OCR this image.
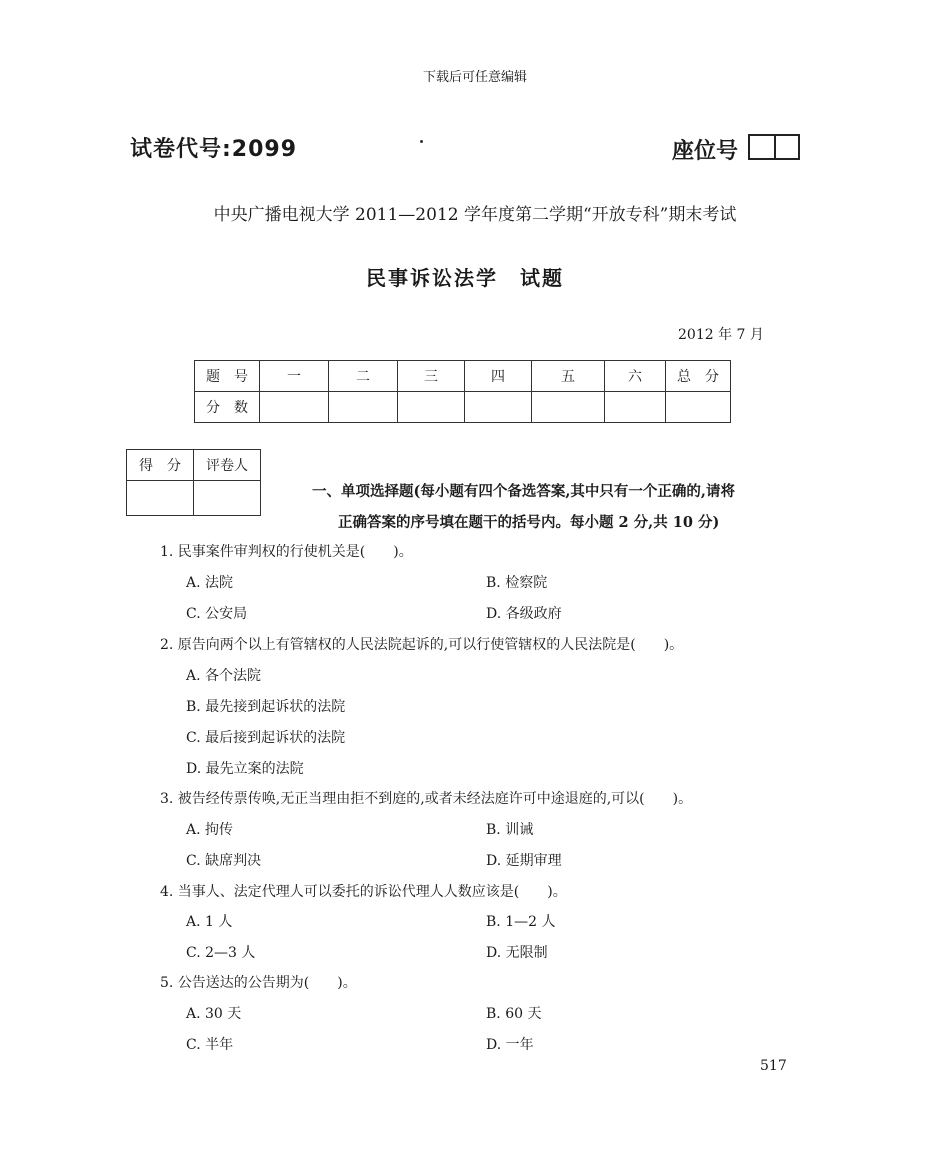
下载后可任意编辑
试卷代号:2099	座位号
中央广播电视大学 2011—2012 学年度第二学期“开放专科”期末考试
民事诉讼法学　试题
2012 年 7 月
题　号	一	二	三	四	五	六	总　分
分　数							
得　分	评卷人

一、单项选择题(每小题有四个备选答案,其中只有一个正确的,请将
正确答案的序号填在题干的括号内。每小题 2 分,共 10 分)
1. 民事案件审判权的行使机关是(　　)。
A. 法院	B. 检察院
C. 公安局	D. 各级政府
2. 原告向两个以上有管辖权的人民法院起诉的,可以行使管辖权的人民法院是(　　)。
A. 各个法院
B. 最先接到起诉状的法院
C. 最后接到起诉状的法院
D. 最先立案的法院
3. 被告经传票传唤,无正当理由拒不到庭的,或者未经法庭许可中途退庭的,可以(　　)。
A. 拘传	B. 训诫
C. 缺席判决	D. 延期审理
4. 当事人、法定代理人可以委托的诉讼代理人人数应该是(　　)。
A. 1 人	B. 1—2 人
C. 2—3 人	D. 无限制
5. 公告送达的公告期为(　　)。
A. 30 天	B. 60 天
C. 半年	D. 一年
517
